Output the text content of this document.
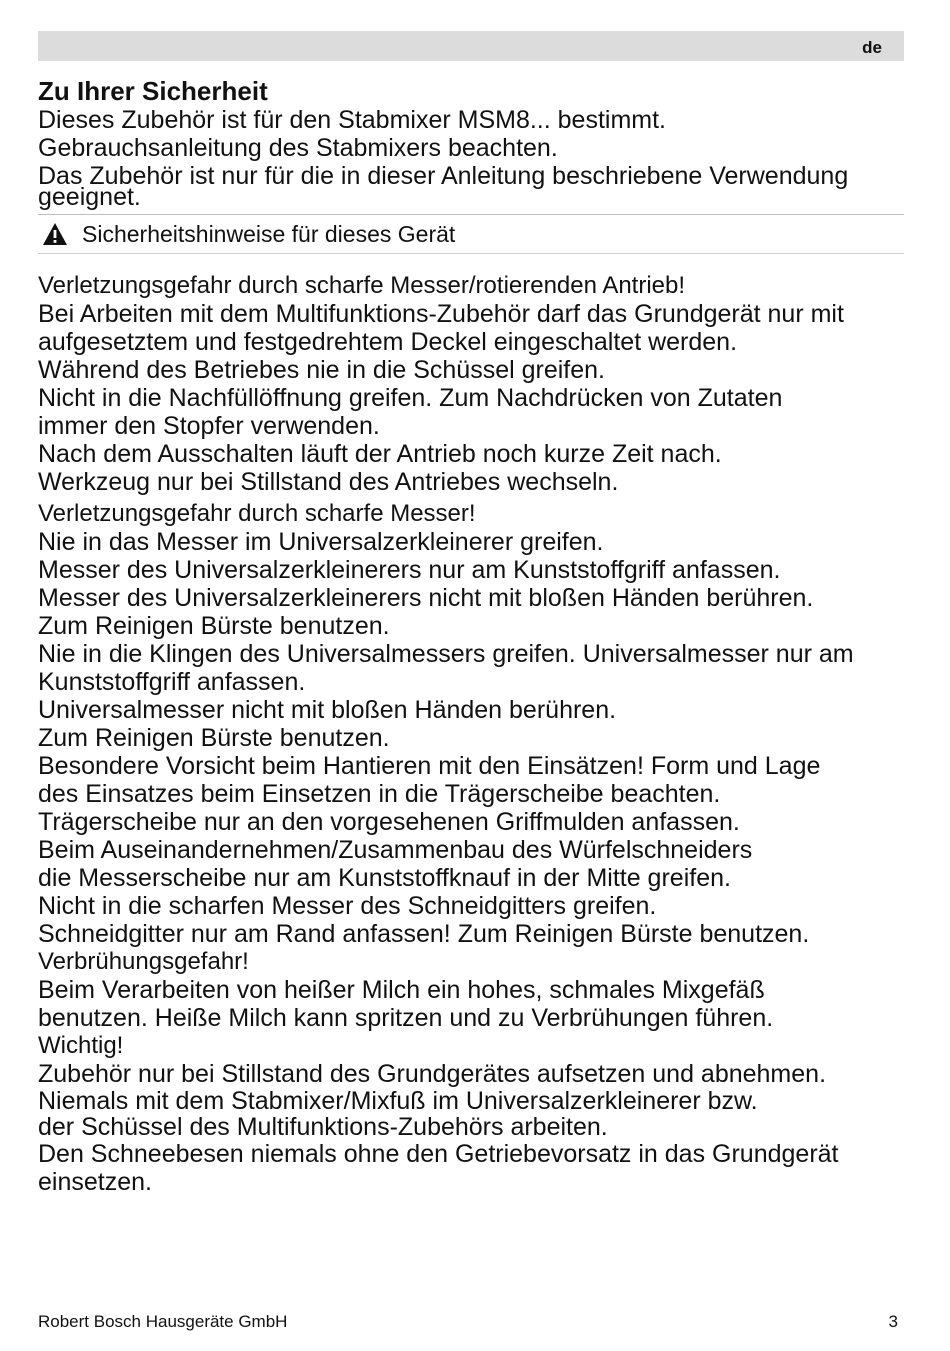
de
Zu Ihrer Sicherheit

Dieses Zubehör ist für den Stabmixer MSM8... bestimmt.

Gebrauchsanleitung des Stabmixers beachten.

Das Zubehör ist nur für die in dieser Anleitung beschriebene Verwendung

geeignet.

Sicherheitshinweise für dieses Gerät

Verletzungsgefahr durch scharfe Messer/rotierenden Antrieb!

Bei Arbeiten mit dem Multifunktions-Zubehör darf das Grundgerät nur mit

aufgesetztem und festgedrehtem Deckel eingeschaltet werden.

Während des Betriebes nie in die Schüssel greifen.

Nicht in die Nachfüllöffnung greifen. Zum Nachdrücken von Zutaten

immer den Stopfer verwenden.

Nach dem Ausschalten läuft der Antrieb noch kurze Zeit nach.

Werkzeug nur bei Stillstand des Antriebes wechseln.

Verletzungsgefahr durch scharfe Messer!

Nie in das Messer im Universalzerkleinerer greifen.

Messer des Universalzerkleinerers nur am Kunststoffgriff anfassen.

Messer des Universalzerkleinerers nicht mit bloßen Händen berühren.

Zum Reinigen Bürste benutzen.

Nie in die Klingen des Universalmessers greifen. Universalmesser nur am

Kunststoffgriff anfassen.

Universalmesser nicht mit bloßen Händen berühren.

Zum Reinigen Bürste benutzen.

Besondere Vorsicht beim Hantieren mit den Einsätzen! Form und Lage

des Einsatzes beim Einsetzen in die Trägerscheibe beachten.

Trägerscheibe nur an den vorgesehenen Griffmulden anfassen.

Beim Auseinandernehmen/Zusammenbau des Würfelschneiders

die Messerscheibe nur am Kunststoffknauf in der Mitte greifen.

Nicht in die scharfen Messer des Schneidgitters greifen.

Schneidgitter nur am Rand anfassen! Zum Reinigen Bürste benutzen.

Verbrühungsgefahr!

Beim Verarbeiten von heißer Milch ein hohes, schmales Mixgefäß

benutzen. Heiße Milch kann spritzen und zu Verbrühungen führen.

Wichtig!

Zubehör nur bei Stillstand des Grundgerätes aufsetzen und abnehmen.

Niemals mit dem Stabmixer/Mixfuß im Universalzerkleinerer bzw.

der Schüssel des Multifunktions-Zubehörs arbeiten.

Den Schneebesen niemals ohne den Getriebevorsatz in das Grundgerät

einsetzen.

Robert Bosch Hausgeräte GmbH	3
